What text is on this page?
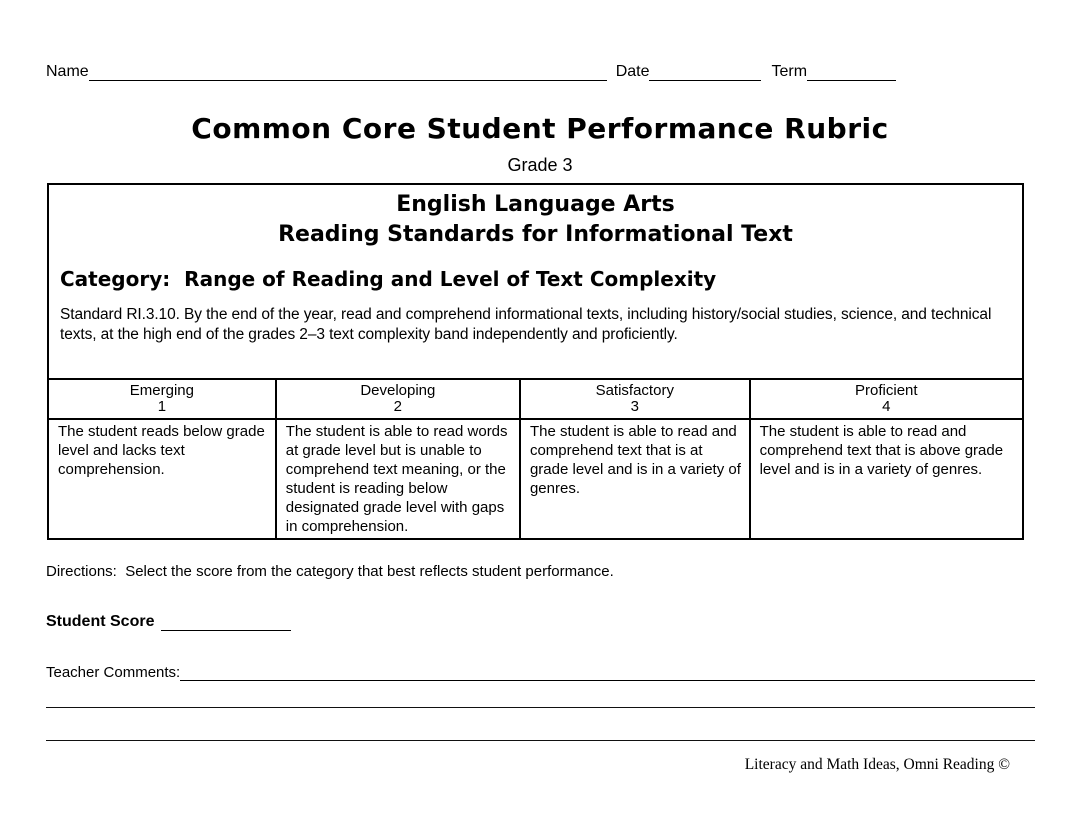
Name	Date	Term
Common Core Student Performance Rubric
Grade 3
English Language Arts
Reading Standards for Informational Text
Category:  Range of Reading and Level of Text Complexity
Standard RI.3.10. By the end of the year, read and comprehend informational texts, including history/social studies, science, and technical texts, at the high end of the grades 2–3 text complexity band independently and proficiently.
Emerging
1
Developing
2
Satisfactory
3
Proficient
4
The student reads below grade level and lacks text comprehension.
The student is able to read words at grade level but is unable to comprehend text meaning, or the student is reading below designated grade level with gaps in comprehension.
The student is able to read and comprehend text that is at grade level and is in a variety of genres.
The student is able to read and comprehend text that is above grade level and is in a variety of genres.
Directions:  Select the score from the category that best reflects student performance.
Student Score
Teacher Comments:
Literacy and Math Ideas, Omni Reading ©
